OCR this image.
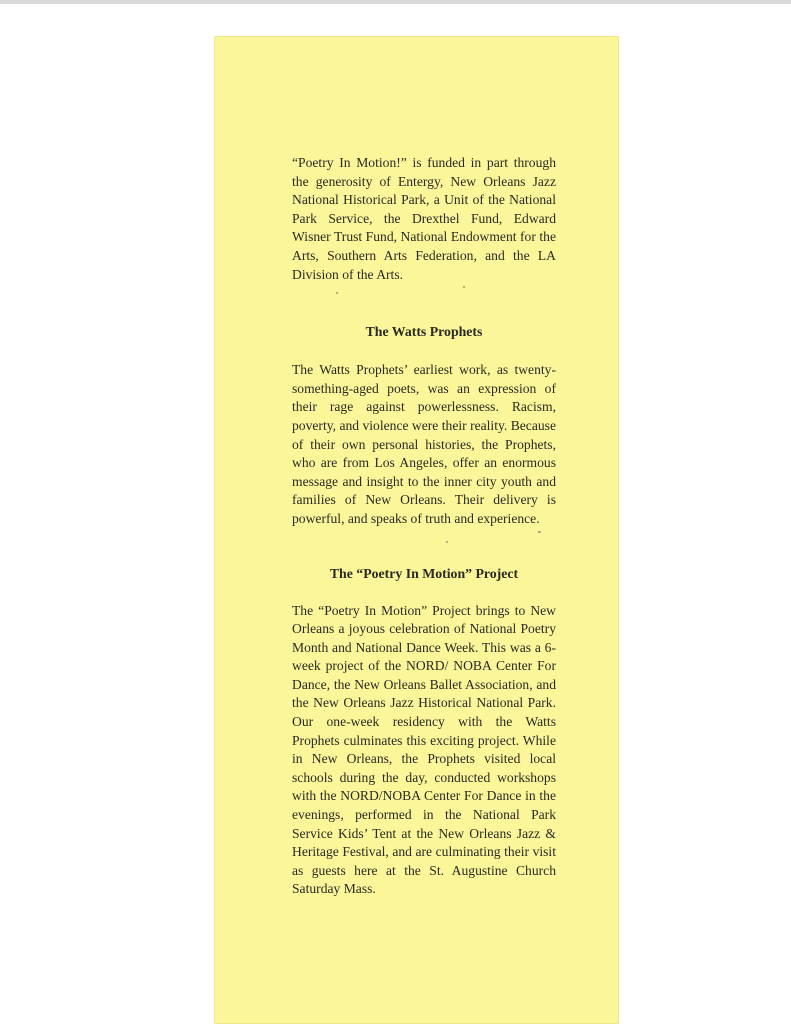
“Poetry In Motion!” is funded in part through the generosity of Entergy, New Orleans Jazz National Historical Park, a Unit of the National Park Service, the Drexthel Fund, Edward Wisner Trust Fund, National Endowment for the Arts, Southern Arts Federation, and the LA Division of the Arts.

The Watts Prophets

The Watts Prophets’ earliest work, as twenty-something-aged poets, was an expression of their rage against powerlessness. Racism, poverty, and violence were their reality. Because of their own personal histories, the Prophets, who are from Los Angeles, offer an enormous message and insight to the inner city youth and families of New Orleans. Their delivery is powerful, and speaks of truth and experience.

The “Poetry In Motion” Project

The “Poetry In Motion” Project brings to New Orleans a joyous celebration of National Poetry Month and National Dance Week. This was a 6-week project of the NORD/ NOBA Center For Dance, the New Orleans Ballet Association, and the New Orleans Jazz Historical National Park. Our one-week residency with the Watts Prophets culminates this exciting project. While in New Orleans, the Prophets visited local schools during the day, conducted workshops with the NORD/NOBA Center For Dance in the evenings, performed in the National Park Service Kids’ Tent at the New Orleans Jazz & Heritage Festival, and are culminating their visit as guests here at the St. Augustine Church Saturday Mass.
